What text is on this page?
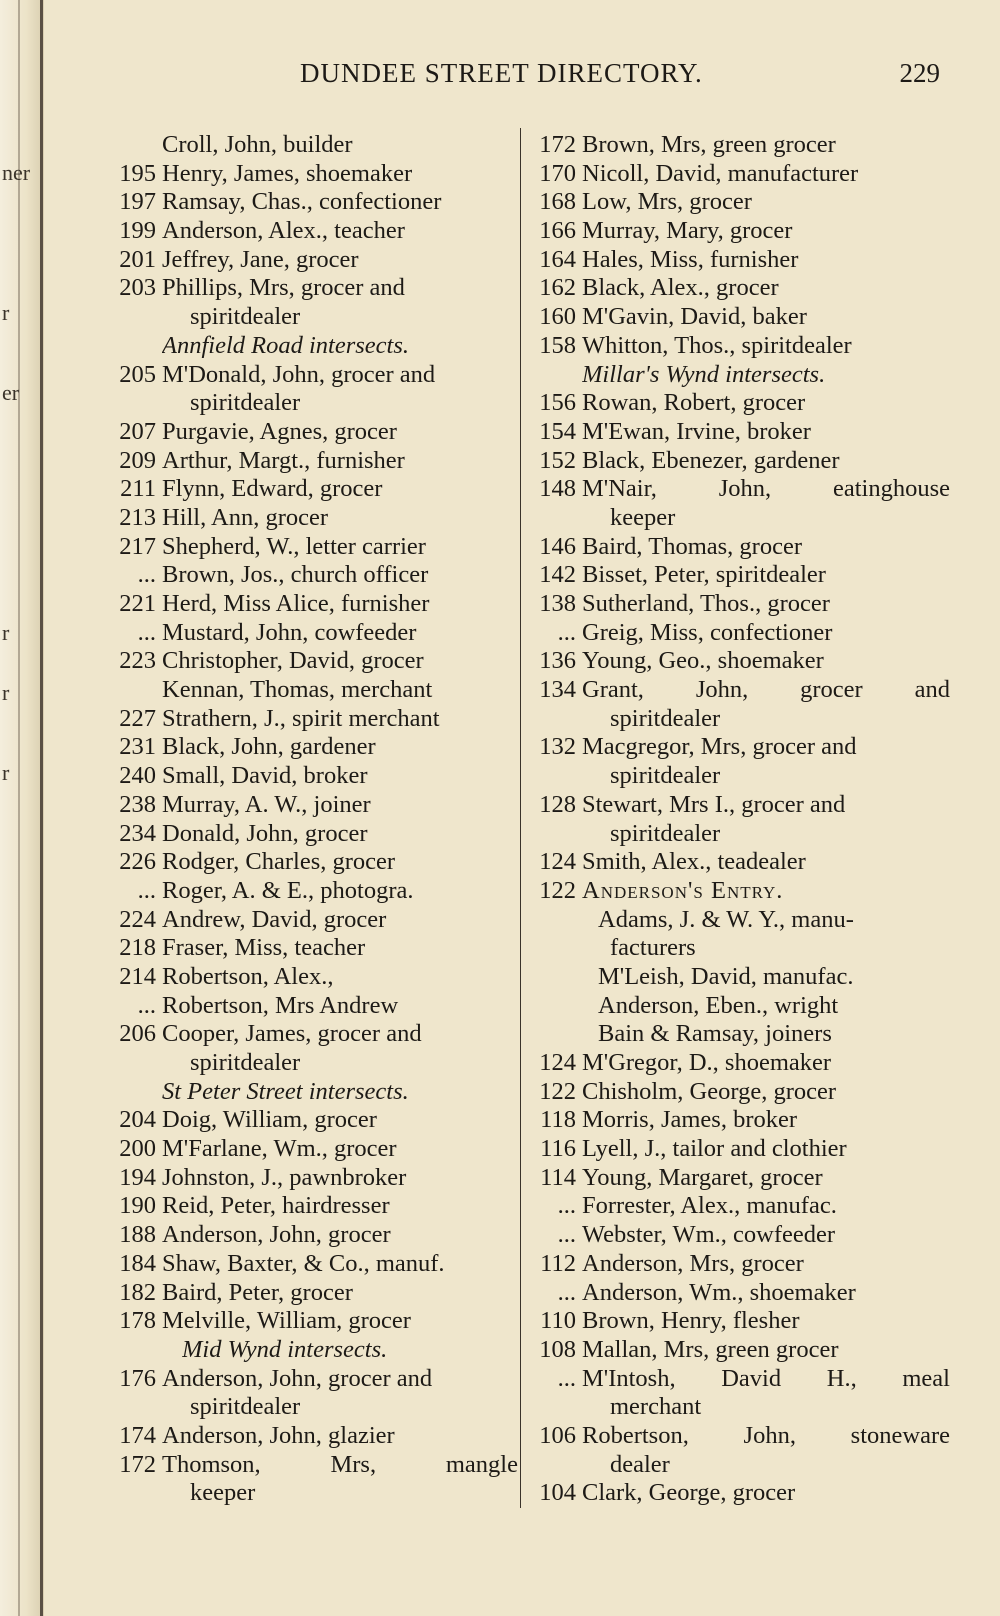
ner
r
er
r
r
r
DUNDEE STREET DIRECTORY.	229
Croll, John, builder
195 Henry, James, shoemaker
197 Ramsay, Chas., confectioner
199 Anderson, Alex., teacher
201 Jeffrey, Jane, grocer
203 Phillips, Mrs, grocer and
spiritdealer
Annfield Road intersects.
205 M'Donald, John, grocer and
spiritdealer
207 Purgavie, Agnes, grocer
209 Arthur, Margt., furnisher
211 Flynn, Edward, grocer
213 Hill, Ann, grocer
217 Shepherd, W., letter carrier
... Brown, Jos., church officer
221 Herd, Miss Alice, furnisher
... Mustard, John, cowfeeder
223 Christopher, David, grocer
Kennan, Thomas, merchant
227 Strathern, J., spirit merchant
231 Black, John, gardener
240 Small, David, broker
238 Murray, A. W., joiner
234 Donald, John, grocer
226 Rodger, Charles, grocer
... Roger, A. & E., photogra.
224 Andrew, David, grocer
218 Fraser, Miss, teacher
214 Robertson, Alex.,
... Robertson, Mrs Andrew
206 Cooper, James, grocer and
spiritdealer
St Peter Street intersects.
204 Doig, William, grocer
200 M'Farlane, Wm., grocer
194 Johnston, J., pawnbroker
190 Reid, Peter, hairdresser
188 Anderson, John, grocer
184 Shaw, Baxter, & Co., manuf.
182 Baird, Peter, grocer
178 Melville, William, grocer
Mid Wynd intersects.
176 Anderson, John, grocer and
spiritdealer
174 Anderson, John, glazier
172 Thomson, Mrs, mangle
keeper
172 Brown, Mrs, green grocer
170 Nicoll, David, manufacturer
168 Low, Mrs, grocer
166 Murray, Mary, grocer
164 Hales, Miss, furnisher
162 Black, Alex., grocer
160 M'Gavin, David, baker
158 Whitton, Thos., spiritdealer
Millar's Wynd intersects.
156 Rowan, Robert, grocer
154 M'Ewan, Irvine, broker
152 Black, Ebenezer, gardener
148 M'Nair, John, eatinghouse
keeper
146 Baird, Thomas, grocer
142 Bisset, Peter, spiritdealer
138 Sutherland, Thos., grocer
... Greig, Miss, confectioner
136 Young, Geo., shoemaker
134 Grant, John, grocer and
spiritdealer
132 Macgregor, Mrs, grocer and
spiritdealer
128 Stewart, Mrs I., grocer and
spiritdealer
124 Smith, Alex., teadealer
122 Anderson's Entry.
Adams, J. & W. Y., manu-
facturers
M'Leish, David, manufac.
Anderson, Eben., wright
Bain & Ramsay, joiners
124 M'Gregor, D., shoemaker
122 Chisholm, George, grocer
118 Morris, James, broker
116 Lyell, J., tailor and clothier
114 Young, Margaret, grocer
... Forrester, Alex., manufac.
... Webster, Wm., cowfeeder
112 Anderson, Mrs, grocer
... Anderson, Wm., shoemaker
110 Brown, Henry, flesher
108 Mallan, Mrs, green grocer
... M'Intosh, David H., meal
merchant
106 Robertson, John, stoneware
dealer
104 Clark, George, grocer
